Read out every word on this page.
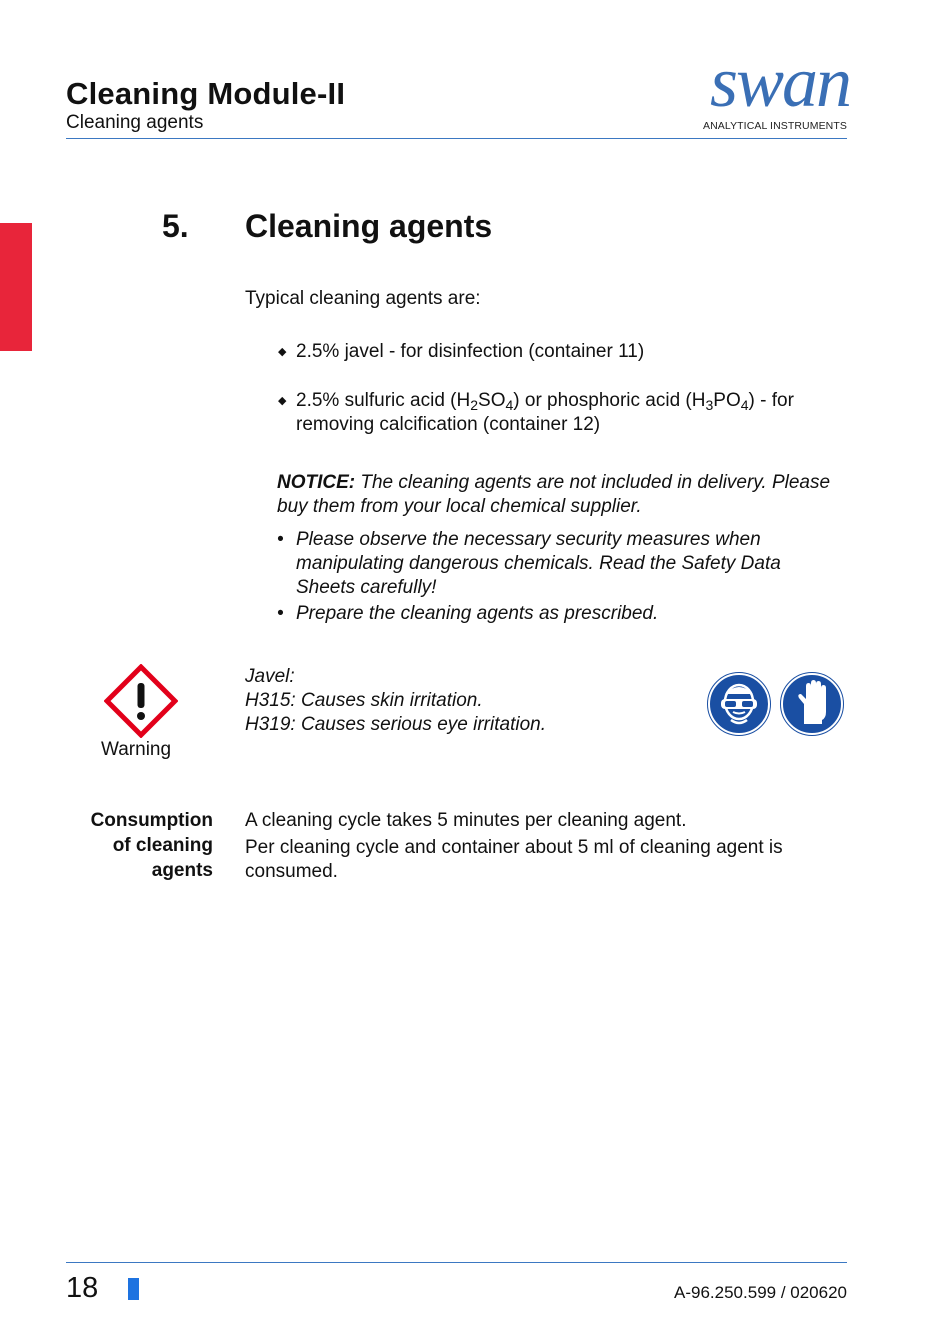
Cleaning Module-II
Cleaning agents
swan
ANALYTICAL INSTRUMENTS
5. Cleaning agents
Typical cleaning agents are:
◆ 2.5% javel - for disinfection (container 11)
◆ 2.5% sulfuric acid $(H_2SO_4)$ or phosphoric acid $(H_3PO_4)$ - for removing calcification (container 12)
NOTICE: The cleaning agents are not included in delivery. Please buy them from your local chemical supplier.
• Please observe the necessary security measures when manipulating dangerous chemicals. Read the Safety Data Sheets carefully!
• Prepare the cleaning agents as prescribed.
Warning
Javel:
H315: Causes skin irritation.
H319: Causes serious eye irritation.
Consumption
of cleaning
agents
A cleaning cycle takes 5 minutes per cleaning agent.
Per cleaning cycle and container about 5 ml of cleaning agent is consumed.
18	A-96.250.599 / 020620
